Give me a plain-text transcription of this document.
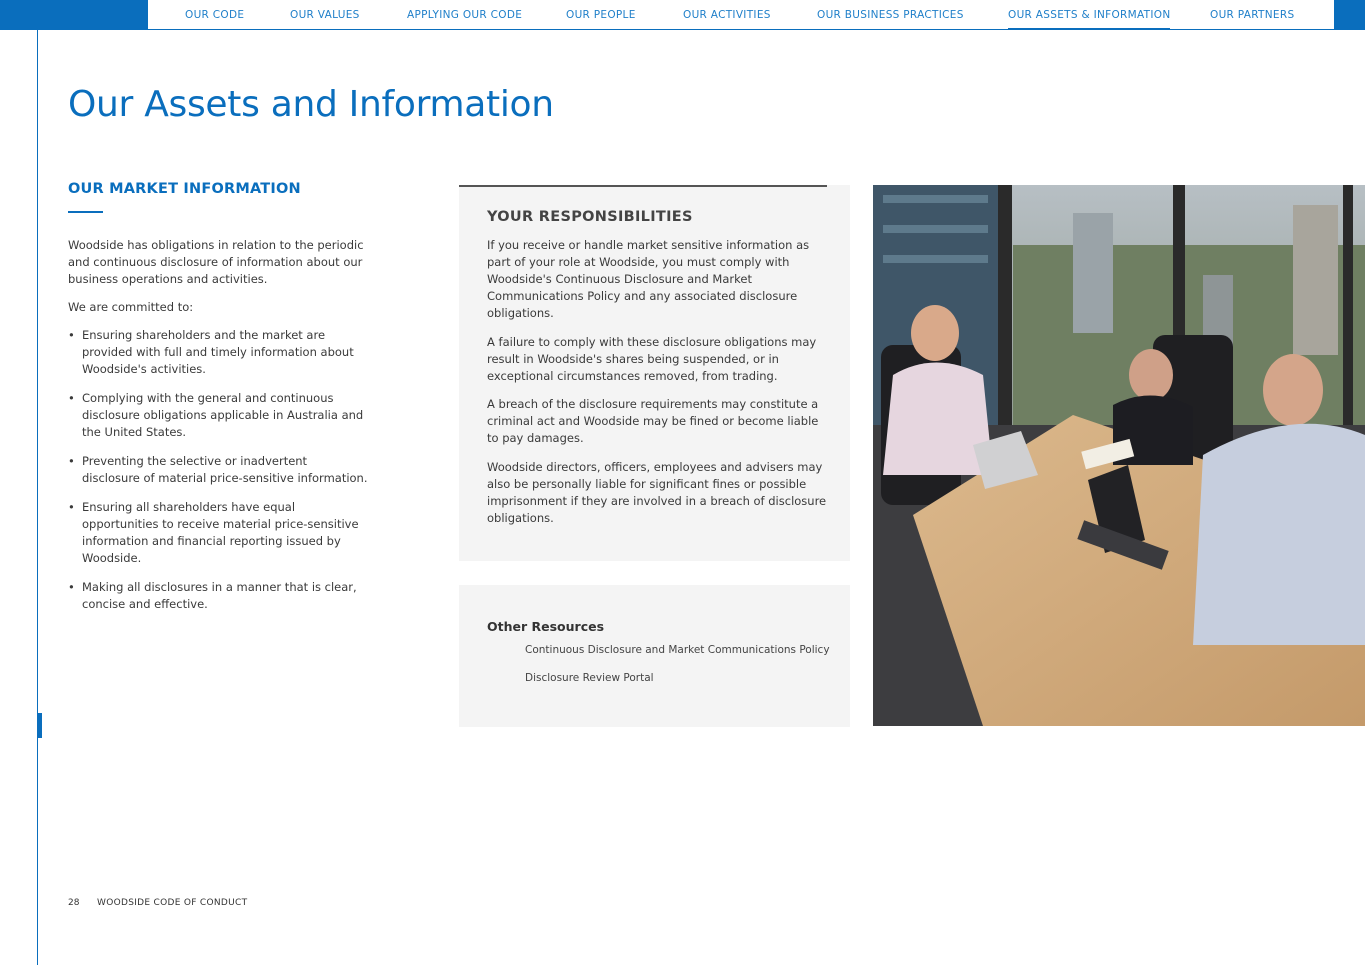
OUR CODE	OUR VALUES	APPLYING OUR CODE	OUR PEOPLE	OUR ACTIVITIES	OUR BUSINESS PRACTICES	OUR ASSETS & INFORMATION	OUR PARTNERS
Our Assets and Information
OUR MARKET INFORMATION

Woodside has obligations in relation to the periodic and continuous disclosure of information about our business operations and activities.

We are committed to:

• Ensuring shareholders and the market are provided with full and timely information about Woodside's activities.
• Complying with the general and continuous disclosure obligations applicable in Australia and the United States.
• Preventing the selective or inadvertent disclosure of material price-sensitive information.
• Ensuring all shareholders have equal opportunities to receive material price-sensitive information and financial reporting issued by Woodside.
• Making all disclosures in a manner that is clear, concise and effective.
YOUR RESPONSIBILITIES

If you receive or handle market sensitive information as part of your role at Woodside, you must comply with Woodside's Continuous Disclosure and Market Communications Policy and any associated disclosure obligations.

A failure to comply with these disclosure obligations may result in Woodside's shares being suspended, or in exceptional circumstances removed, from trading.

A breach of the disclosure requirements may constitute a criminal act and Woodside may be fined or become liable to pay damages.

Woodside directors, officers, employees and advisers may also be personally liable for significant fines or possible imprisonment if they are involved in a breach of disclosure obligations.

Other Resources
Continuous Disclosure and Market Communications Policy
Disclosure Review Portal
28 WOODSIDE CODE OF CONDUCT
